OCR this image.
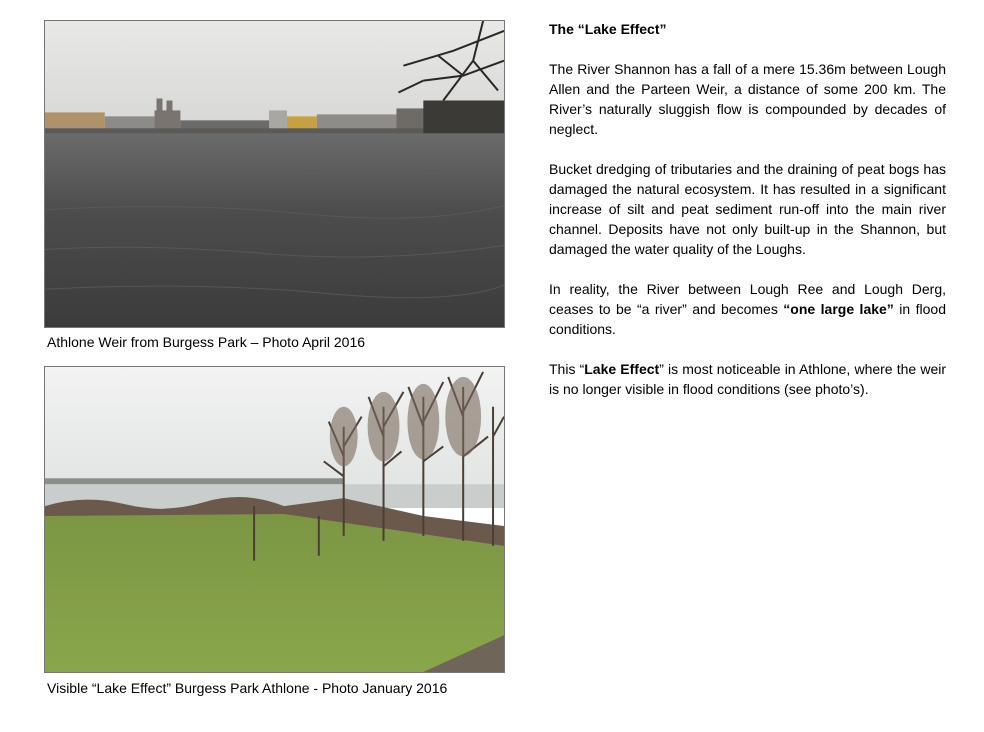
Athlone Weir from Burgess Park – Photo April 2016
Visible “Lake Effect” Burgess Park Athlone - Photo January 2016
The “Lake Effect”

The River Shannon has a fall of a mere 15.36m between Lough Allen and the Parteen Weir, a distance of some 200 km. The River’s naturally sluggish flow is compounded by decades of neglect.

Bucket dredging of tributaries and the draining of peat bogs has damaged the natural ecosystem. It has resulted in a significant increase of silt and peat sediment run-off into the main river channel. Deposits have not only built-up in the Shannon, but damaged the water quality of the Loughs.

In reality, the River between Lough Ree and Lough Derg, ceases to be “a river” and becomes “one large lake” in flood conditions.

This “Lake Effect” is most noticeable in Athlone, where the weir is no longer visible in flood conditions (see photo’s).
